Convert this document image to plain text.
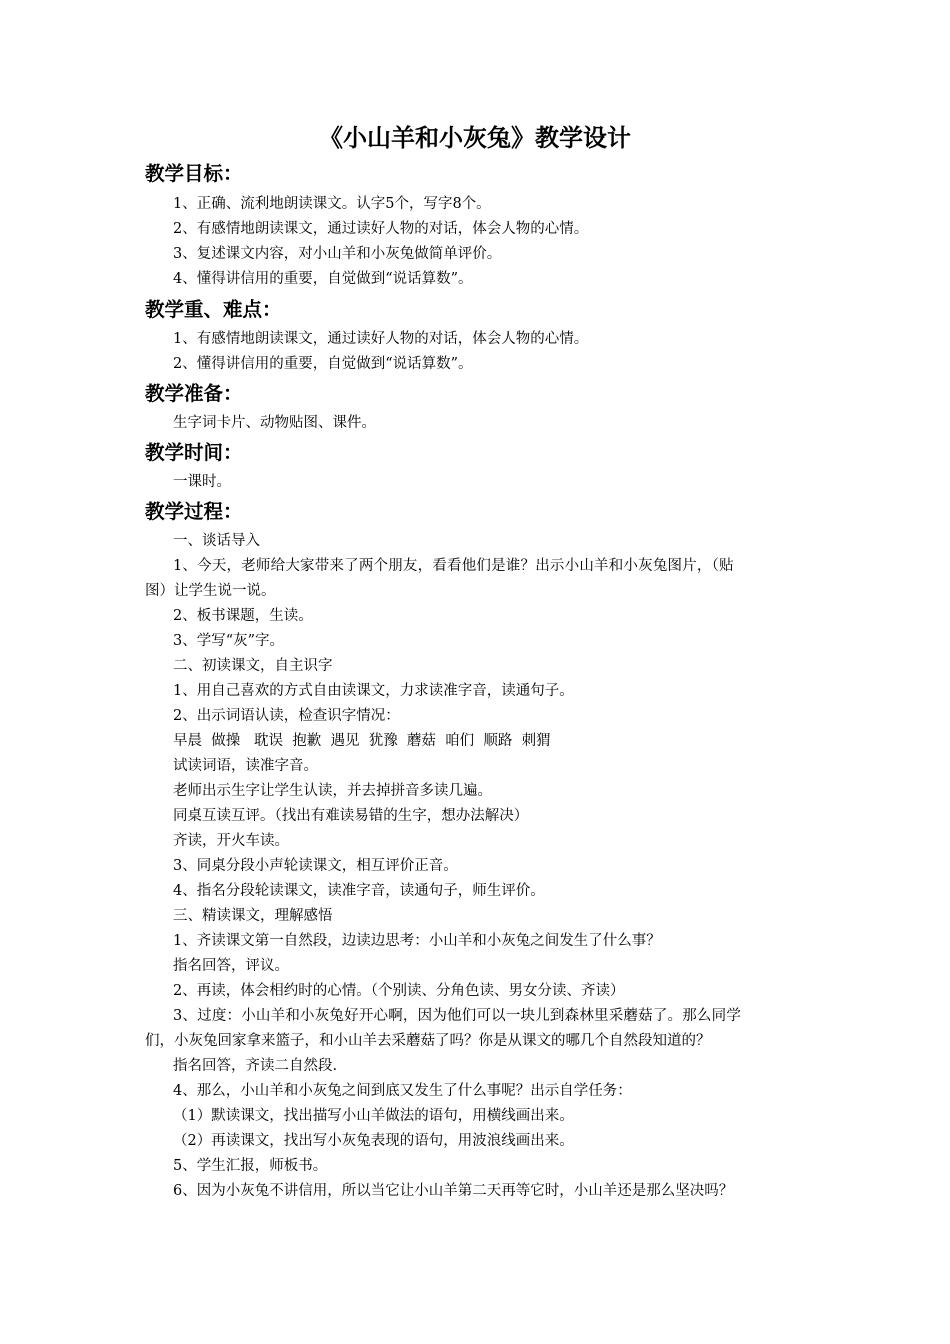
《小山羊和小灰兔》教学设计
教学目标：
1、正确、流利地朗读课文。认字5个，写字8个。
2、有感情地朗读课文，通过读好人物的对话，体会人物的心情。
3、复述课文内容，对小山羊和小灰兔做简单评价。
4、懂得讲信用的重要，自觉做到“说话算数”。
教学重、难点：
1、有感情地朗读课文，通过读好人物的对话，体会人物的心情。
2、懂得讲信用的重要，自觉做到“说话算数”。
教学准备：
生字词卡片、动物贴图、课件。
教学时间：
一课时。
教学过程：
一、谈话导入
1、今天，老师给大家带来了两个朋友，看看他们是谁？出示小山羊和小灰兔图片，（贴
图）让学生说一说。
2、板书课题，生读。
3、学写“灰”字。
二、初读课文，自主识字
1、用自己喜欢的方式自由读课文，力求读准字音，读通句子。
2、出示词语认读，检查识字情况：
早晨  做操   耽误  抱歉  遇见  犹豫  蘑菇  咱们  顺路  刺猬
试读词语，读准字音。
老师出示生字让学生认读，并去掉拼音多读几遍。
同桌互读互评。（找出有难读易错的生字，想办法解决）
齐读，开火车读。
3、同桌分段小声轮读课文，相互评价正音。
4、指名分段轮读课文，读准字音，读通句子，师生评价。
三、精读课文，理解感悟
1、齐读课文第一自然段，边读边思考：小山羊和小灰兔之间发生了什么事？
指名回答，评议。
2、再读，体会相约时的心情。（个别读、分角色读、男女分读、齐读）
3、过度：小山羊和小灰兔好开心啊，因为他们可以一块儿到森林里采蘑菇了。那么同学
们，小灰兔回家拿来篮子，和小山羊去采蘑菇了吗？你是从课文的哪几个自然段知道的？
指名回答，齐读二自然段.
4、那么，小山羊和小灰兔之间到底又发生了什么事呢？出示自学任务：
（1）默读课文，找出描写小山羊做法的语句，用横线画出来。
（2）再读课文，找出写小灰兔表现的语句，用波浪线画出来。
5、学生汇报，师板书。
6、因为小灰兔不讲信用，所以当它让小山羊第二天再等它时，小山羊还是那么坚决吗？
